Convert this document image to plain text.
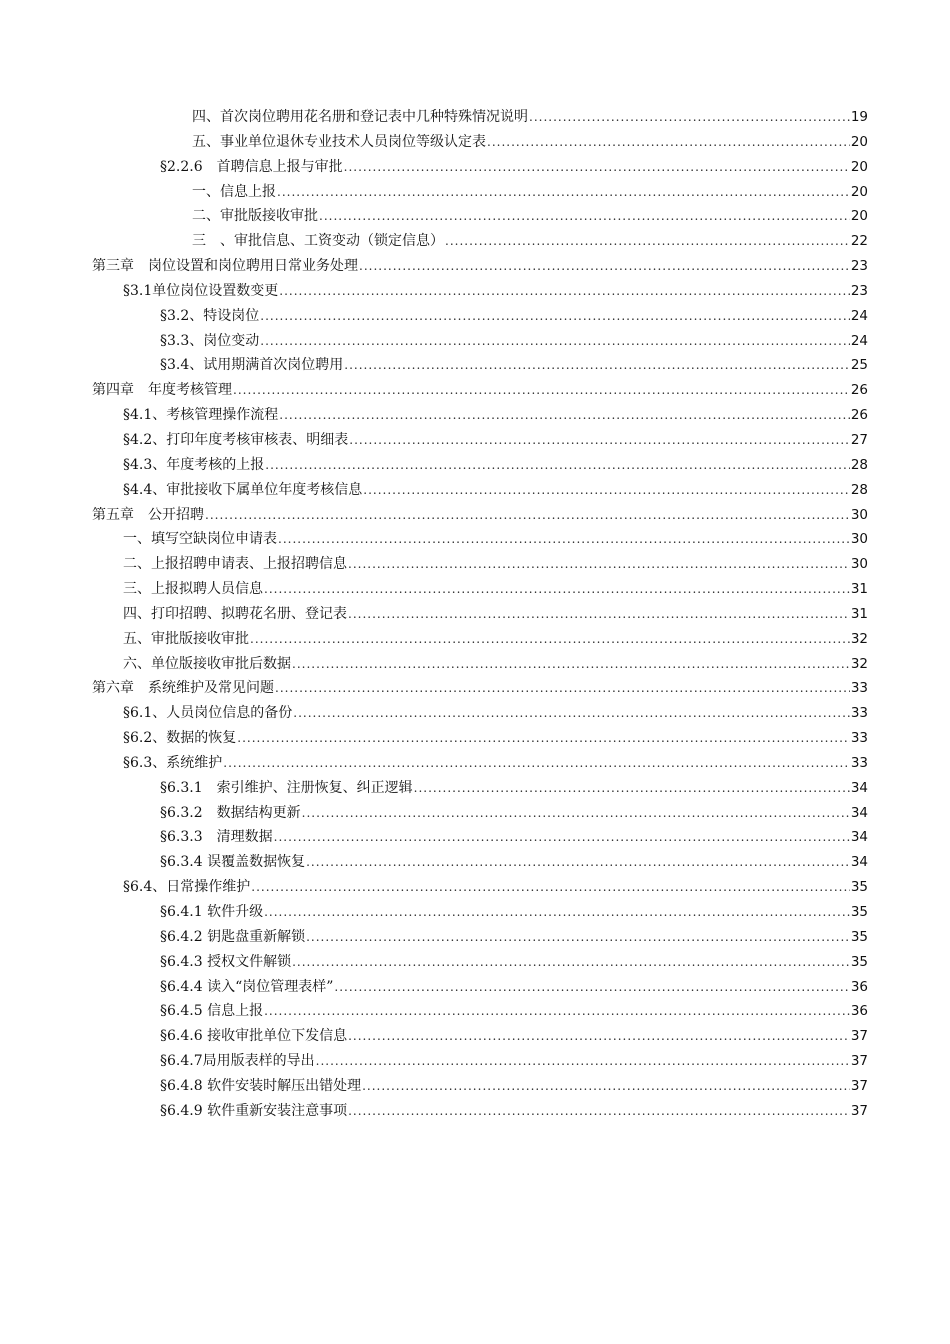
四、首次岗位聘用花名册和登记表中几种特殊情况说明 .....	19
五、事业单位退休专业技术人员岗位等级认定表 .....	20
§2.2.6　首聘信息上报与审批 .....	20
一、信息上报 .....	20
二、审批版接收审批 .....	20
三　、审批信息、工资变动（锁定信息） .....	22
第三章　岗位设置和岗位聘用日常业务处理 .....	23
§3.1单位岗位设置数变更 .....	23
§3.2、特设岗位 .....	24
§3.3、岗位变动 .....	24
§3.4、试用期满首次岗位聘用 .....	25
第四章　年度考核管理 .....	26
§4.1、考核管理操作流程 .....	26
§4.2、打印年度考核审核表、明细表 .....	27
§4.3、年度考核的上报 .....	28
§4.4、审批接收下属单位年度考核信息 .....	28
第五章　公开招聘 .....	30
一、填写空缺岗位申请表 .....	30
二、上报招聘申请表、上报招聘信息 .....	30
三、上报拟聘人员信息 .....	31
四、打印招聘、拟聘花名册、登记表 .....	31
五、审批版接收审批 .....	32
六、单位版接收审批后数据 .....	32
第六章　系统维护及常见问题 .....	33
§6.1、人员岗位信息的备份 .....	33
§6.2、数据的恢复 .....	33
§6.3、系统维护 .....	33
§6.3.1　索引维护、注册恢复、纠正逻辑 .....	34
§6.3.2　数据结构更新 .....	34
§6.3.3　清理数据 .....	34
§6.3.4 误覆盖数据恢复 .....	34
§6.4、日常操作维护 .....	35
§6.4.1 软件升级 .....	35
§6.4.2 钥匙盘重新解锁 .....	35
§6.4.3 授权文件解锁 .....	35
§6.4.4 读入“岗位管理表样” .....	36
§6.4.5 信息上报 .....	36
§6.4.6 接收审批单位下发信息 .....	37
§6.4.7局用版表样的导出 .....	37
§6.4.8 软件安装时解压出错处理 .....	37
§6.4.9 软件重新安装注意事项 .....	37
